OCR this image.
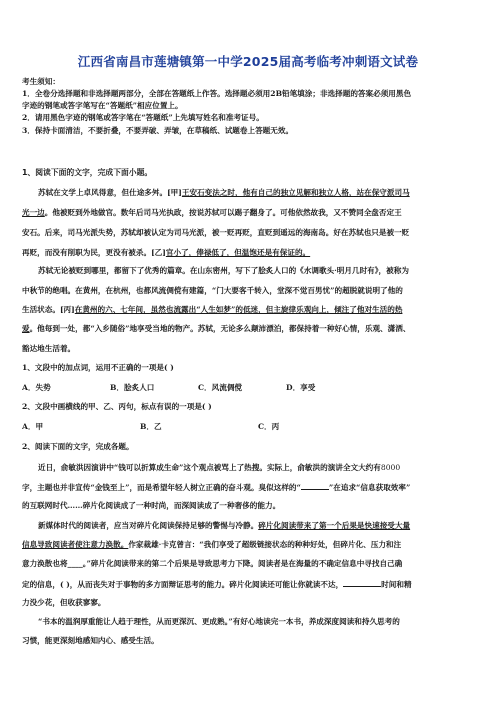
江西省南昌市莲塘镇第一中学2025届高考临考冲刺语文试卷
考生须知：
1．全卷分选择题和非选择题两部分，全部在答题纸上作答。选择题必须用2B铅笔填涂；非选择题的答案必须用黑色
字迹的钢笔或答字笔写在“答题纸”相应位置上。
2．请用黑色字迹的钢笔或答字笔在“答题纸”上先填写姓名和准考证号。
3．保持卡面清洁，不要折叠，不要弄破、弄皱，在草稿纸、试题卷上答题无效。
1、阅读下面的文字，完成下面小题。
苏轼在文学上卓风得意，但仕途多舛。[甲]王安石变法之时，他有自己的独立见解和独立人格，站在保守派司马
光一边。他被贬到外地做官。数年后司马光执政，按说苏轼可以踢子翻身了。可他依然故我，又不赞同全盘否定王
安石。后来，司马光派失势，苏轼却被认定为司马光派，被一贬再贬，直贬到遥远的海南岛。好在苏轼也只是被一贬
再贬，而没有削职为民，更没有被杀。[乙]官小了，俸禄低了，但温饱还是有保证的。
苏轼无论被贬到哪里，都留下了优秀的篇章。在山东密州，写下了脍炙人口的《水调歌头·明月几时有》，被称为
中秋节的绝唱。在黄州，在杭州，也都风流倜傥有建篇，“门大要客千转入，堂深不觉百男忧”的超脱就说明了他的
生活状态。[丙]在黄州的六、七年间，虽然也流露出“人生如梦”的低迷，但主旋律乐观向上，倾注了他对生活的热
爱。他每到一处，都“入乡随俗”地享受当地的物产。苏轼，无论多么颠沛漂泊，都保持着一种好心情，乐观、潇洒、
豁达地生活着。
1、文段中的加点词，运用不正确的一项是( )
A．失势	B．脍炙人口	C．风流倜傥	D．享受
2、文段中画横线的甲、乙、丙句，标点有误的一项是( )
A．甲	B．乙	C．丙
2、阅读下面的文字，完成各题。
近日，俞敏洪因演讲中“钱可以折算成生命”这个观点被骂上了热搜。实际上，俞敏洪的演讲全文大约有8000
字，主题也并非宣传“金钱至上”，而是希望年轻人树立正确的奋斗观。臭似这样的“	”在追求“信息获取效率”
的互联网时代……碎片化阅读成了一种时尚，而深阅读成了一种奢侈的能力。
新媒体时代的阅读者，应当对碎片化阅读保持足够的警惕与冷静。碎片化阅读带来了第一个后果是快速接受大量
信息导致阅读者使注意力涣散。作家裁雄·卡克曾言：“我们享受了超级链接状态的种种好处，但碎片化、压力和注
意力涣散也将____。”碎片化阅读带来的第二个后果是导致思考力下降。阅读者是在海量的不确定信息中寻找自己确
定的信息，( )，从而丧失对于事物的多方面辩证思考的能力。碎片化阅读还可能让你就读不达，	时间和精
力没少花，但收获寥寥。
“书本的温润厚重能让人趋于理性，从而更深沉、更成熟。”有好心地读完一本书，养成深度阅读和持久思考的
习惯，能更深刻地感知内心、感受生活。
